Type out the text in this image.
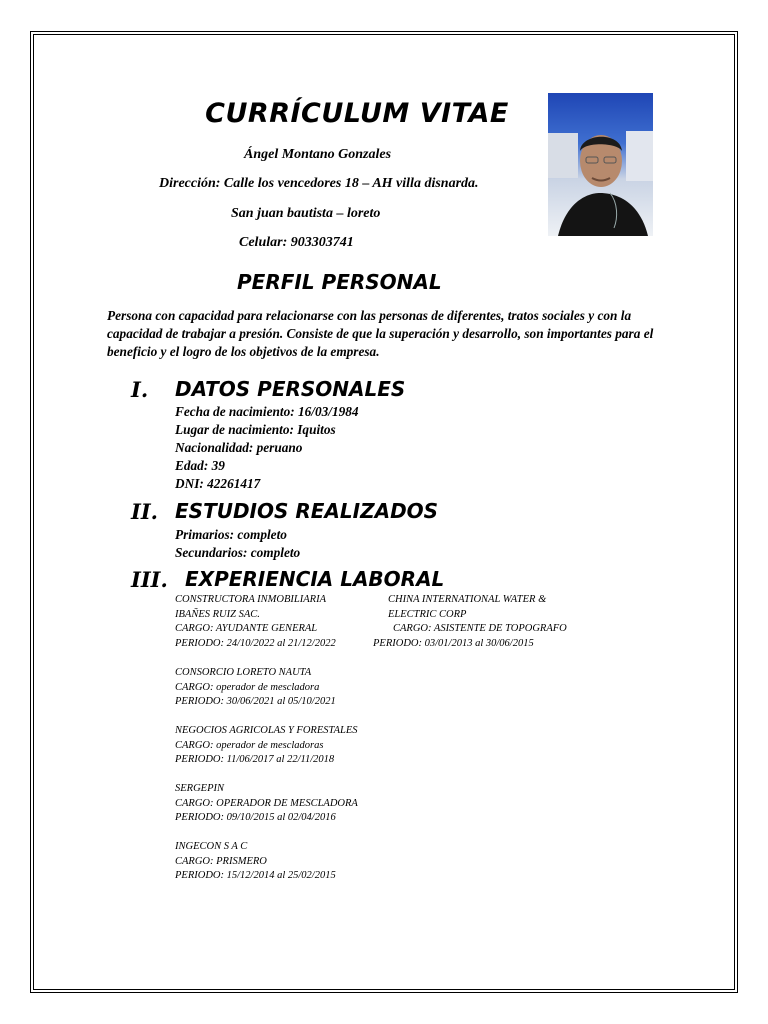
CURRÍCULUM VITAE
Ángel Montano Gonzales
Dirección: Calle los vencedores 18 – AH villa disnarda.
San juan bautista – loreto
Celular: 903303741
PERFIL PERSONAL
Persona con capacidad para relacionarse con las personas de diferentes, tratos sociales y con la capacidad de trabajar a presión. Consiste de que la superación y desarrollo, son importantes para el beneficio y el logro de los objetivos de la empresa.
I. DATOS PERSONALES
Fecha de nacimiento: 16/03/1984
Lugar de nacimiento: Iquitos
Nacionalidad: peruano
Edad: 39
DNI: 42261417
II. ESTUDIOS REALIZADOS
Primarios: completo
Secundarios: completo
III. EXPERIENCIA LABORAL
CONSTRUCTORA INMOBILIARIA
IBAÑES RUIZ SAC.
CARGO: AYUDANTE GENERAL
PERIODO: 24/10/2022 al 21/12/2022
CHINA INTERNATIONAL WATER &
ELECTRIC CORP
CARGO: ASISTENTE DE TOPOGRAFO
PERIODO: 03/01/2013 al 30/06/2015
CONSORCIO LORETO NAUTA
CARGO: operador de mescladora
PERIODO: 30/06/2021 al 05/10/2021
NEGOCIOS AGRICOLAS Y FORESTALES
CARGO: operador de mescladoras
PERIODO: 11/06/2017 al 22/11/2018
SERGEPIN
CARGO: OPERADOR DE MESCLADORA
PERIODO: 09/10/2015 al 02/04/2016
INGECON S A C
CARGO: PRISMERO
PERIODO: 15/12/2014 al 25/02/2015
